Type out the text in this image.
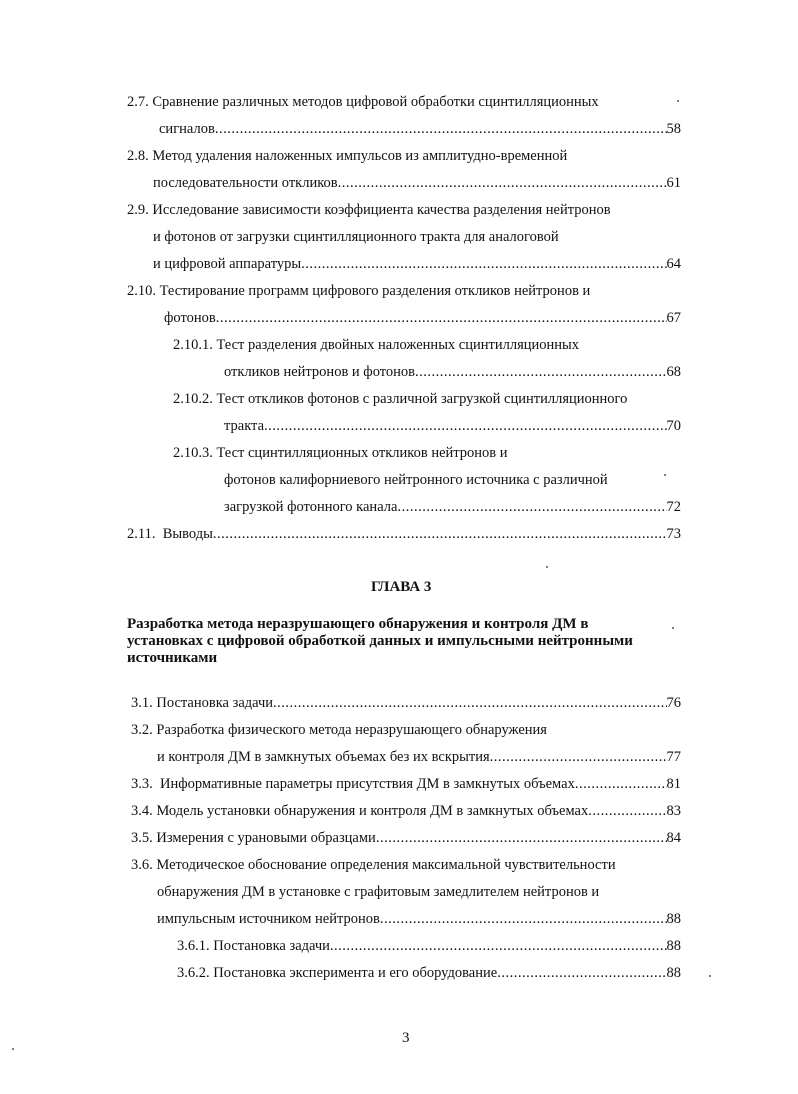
2.7. Сравнение различных методов цифровой обработки сцинтилляционных
сигналов .....	58
2.8. Метод удаления наложенных импульсов из амплитудно-временной
последовательности откликов .....	61
2.9. Исследование зависимости коэффициента качества разделения нейтронов
и фотонов от загрузки сцинтилляционного тракта для аналоговой
и цифровой аппаратуры .....	64
2.10. Тестирование программ цифрового разделения откликов нейтронов и
фотонов .....	67
2.10.1. Тест разделения двойных наложенных сцинтилляционных
откликов нейтронов и фотонов .....	68
2.10.2. Тест откликов фотонов с различной загрузкой сцинтилляционного
тракта .....	70
2.10.3. Тест сцинтилляционных откликов нейтронов и
фотонов калифорниевого нейтронного источника с различной
загрузкой фотонного канала .....	72
2.11. Выводы .....	73
ГЛАВА 3
Разработка метода неразрушающего обнаружения и контроля ДМ в
установках с цифровой обработкой данных и импульсными нейтронными
источниками
3.1. Постановка задачи .....	76
3.2. Разработка физического метода неразрушающего обнаружения
и контроля ДМ в замкнутых объемах без их вскрытия .....	77
3.3. Информативные параметры присутствия ДМ в замкнутых объемах .....	81
3.4. Модель установки обнаружения и контроля ДМ в замкнутых объемах .....	83
3.5. Измерения с урановыми образцами .....	84
3.6. Методическое обоснование определения максимальной чувствительности
обнаружения ДМ в установке с графитовым замедлителем нейтронов и
импульсным источником нейтронов .....	88
3.6.1. Постановка задачи .....	88
3.6.2. Постановка эксперимента и его оборудование .....	88
3
